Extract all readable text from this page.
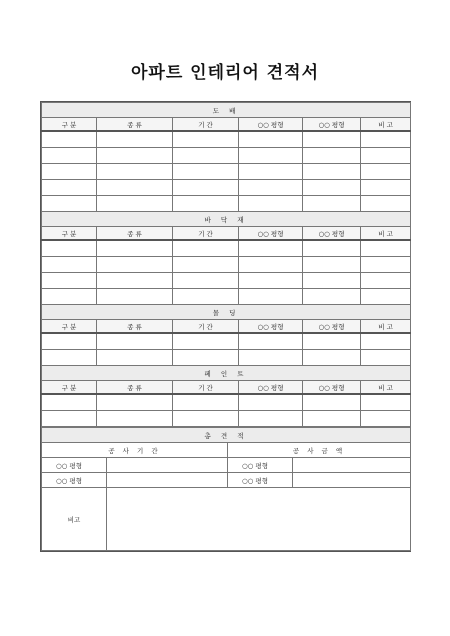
아파트 인테리어 견적서
도 배					
구 분	종 류	기 간	○○ 평형	○○ 평형	비 고

바 닥 재					
구 분	종 류	기 간	○○ 평형	○○ 평형	비 고

몰 딩					
구 분	종 류	기 간	○○ 평형	○○ 평형	비 고

페 인 트					
구 분	종 류	기 간	○○ 평형	○○ 평형	비 고

총 견 적			
공 사 기 간		공 사 금 액	
○○ 평형		○○ 평형	
○○ 평형		○○ 평형	
비고			
